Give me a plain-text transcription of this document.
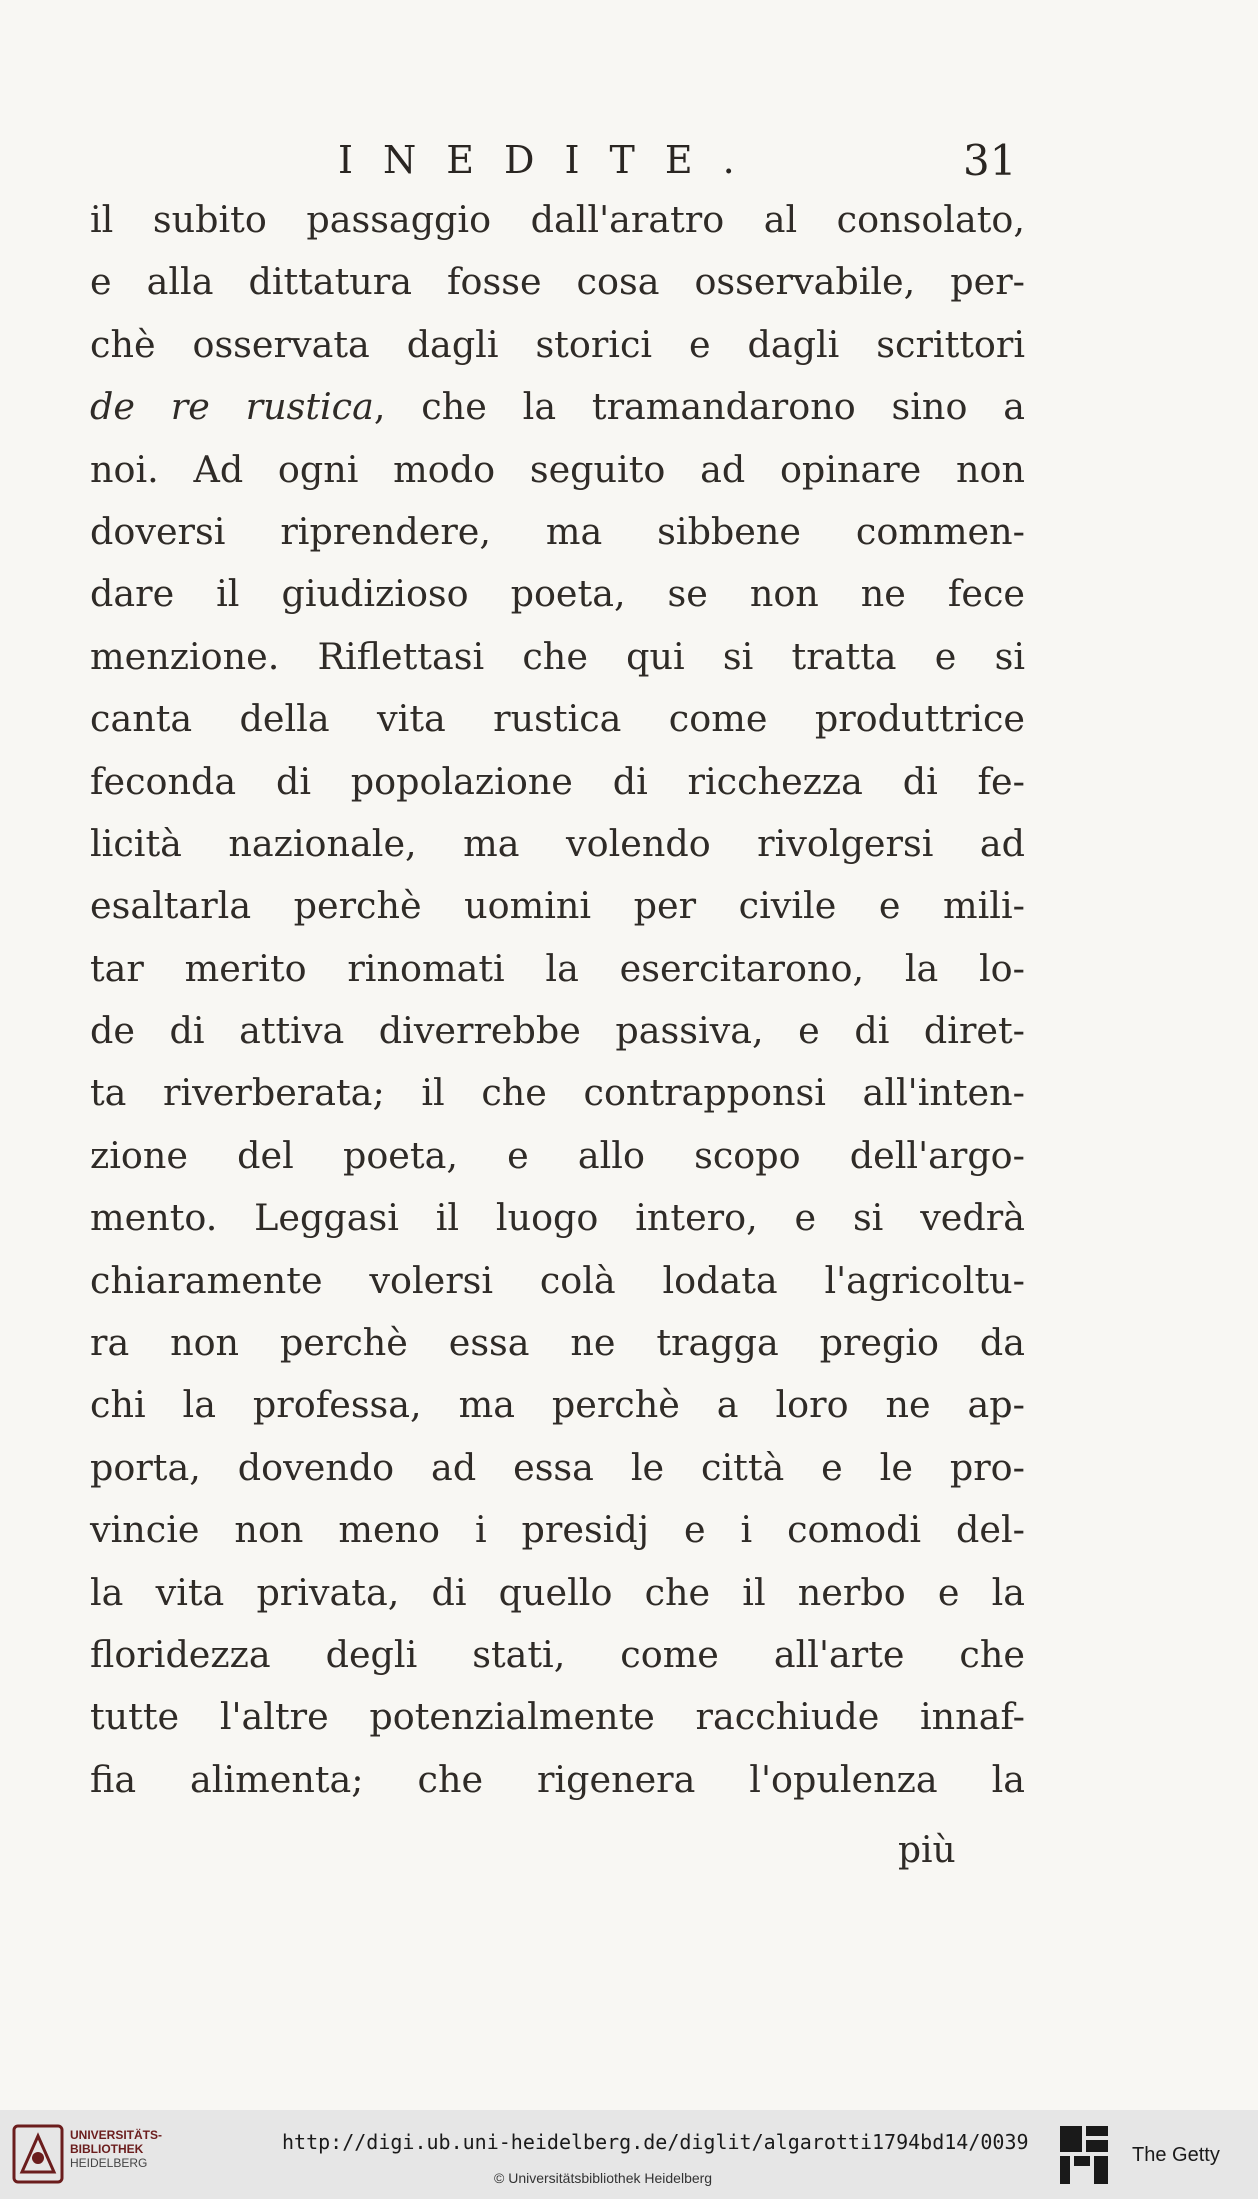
INEDITE.	31
il subito passaggio dall'aratro al consolato,
e alla dittatura fosse cosa osservabile, per-
chè osservata dagli storici e dagli scrittori
de re rustica, che la tramandarono sino a
noi. Ad ogni modo seguito ad opinare non
doversi riprendere, ma sibbene commen-
dare il giudizioso poeta, se non ne fece
menzione. Riflettasi che qui si tratta e si
canta della vita rustica come produttrice
feconda di popolazione di ricchezza di fe-
licità nazionale, ma volendo rivolgersi ad
esaltarla perchè uomini per civile e mili-
tar merito rinomati la esercitarono, la lo-
de di attiva diverrebbe passiva, e di diret-
ta riverberata; il che contrapponsi all'inten-
zione del poeta, e allo scopo dell'argo-
mento. Leggasi il luogo intero, e si vedrà
chiaramente volersi colà lodata l'agricoltu-
ra non perchè essa ne tragga pregio da
chi la professa, ma perchè a loro ne ap-
porta, dovendo ad essa le città e le pro-
vincie non meno i presidj e i comodi del-
la vita privata, di quello che il nerbo e la
floridezza degli stati, come all'arte che
tutte l'altre potenzialmente racchiude innaf-
fia alimenta; che rigenera l'opulenza la
più
UNIVERSITÄTS-
BIBLIOTHEK
HEIDELBERG
http://digi.ub.uni-heidelberg.de/diglit/algarotti1794bd14/0039
© Universitätsbibliothek Heidelberg
The Getty
